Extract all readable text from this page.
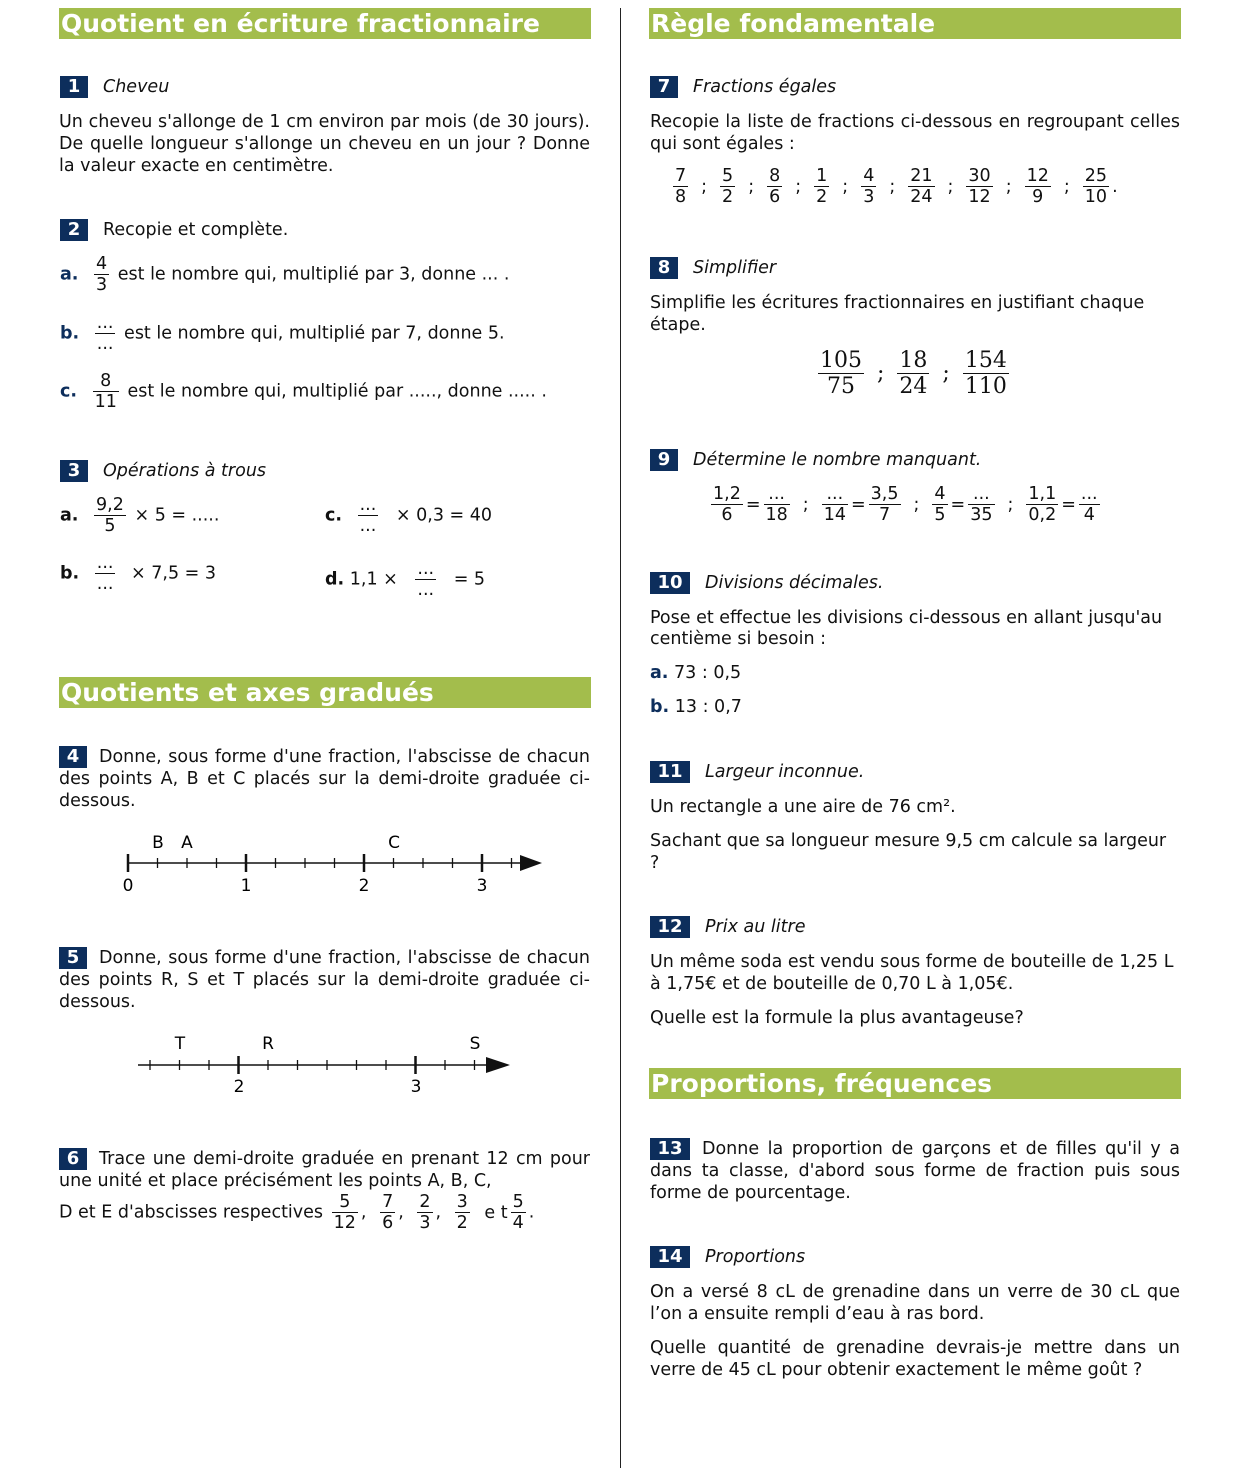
Quotient en écriture fractionnaire
1	Cheveu
Un cheveu s'allonge de 1 cm environ par mois (de 30 jours). De quelle longueur s'allonge un cheveu en un jour ? Donne la valeur exacte en centimètre.
2	Recopie et complète.
a. $\frac{4}{3}$ est le nombre qui, multiplié par 3, donne ... .
b. $\frac{...}{...}$ est le nombre qui, multiplié par 7, donne 5.
c. $\frac{8}{11}$ est le nombre qui, multiplié par ....., donne ..... .
3	Opérations à trous
a. $\frac{9,2}{5} \times 5$ = .....	c. $\frac{...}{...} \times 0,3 = 40$
b. $\frac{...}{...} \times 7,5 = 3$	d. $1,1 \times \frac{...}{...} = 5$
Quotients et axes gradués
4 Donne, sous forme d'une fraction, l'abscisse de chacun des points A, B et C placés sur la demi-droite graduée ci-dessous.
B A	C
0	1	2	3
5 Donne, sous forme d'une fraction, l'abscisse de chacun des points R, S et T placés sur la demi-droite graduée ci-dessous.
T	R	S
2	3
6 Trace une demi-droite graduée en prenant 12 cm pour une unité et place précisément les points A, B, C,
D et E d'abscisses respectives $\frac{5}{12}$ , $\frac{7}{6}$ , $\frac{2}{3}$ , $\frac{3}{2}$ e t $\frac{5}{4}$ .
Règle fondamentale
7	Fractions égales
Recopie la liste de fractions ci-dessous en regroupant celles qui sont égales :
$\frac{7}{8}$ ; $\frac{5}{2}$ ; $\frac{8}{6}$ ; $\frac{1}{2}$ ; $\frac{4}{3}$ ; $\frac{21}{24}$ ; $\frac{30}{12}$ ; $\frac{12}{9}$ ; $\frac{25}{10}$ .
8	Simplifier
Simplifie les écritures fractionnaires en justifiant chaque étape.
$\frac{105}{75}$ ; $\frac{18}{24}$ ; $\frac{154}{110}$
9	Détermine le nombre manquant.
$\frac{1,2}{6} = \frac{...}{18}$ ; $\frac{...}{14} = \frac{3,5}{7}$ ; $\frac{4}{5} = \frac{...}{35}$ ; $\frac{1,1}{0,2} = \frac{...}{4}$
10	Divisions décimales.
Pose et effectue les divisions ci-dessous en allant jusqu'au centième si besoin :
a. 73 : 0,5
b. 13 : 0,7
11	Largeur inconnue.
Un rectangle a une aire de 76 cm².
Sachant que sa longueur mesure 9,5 cm calcule sa largeur ?
12	Prix au litre
Un même soda est vendu sous forme de bouteille de 1,25 L à 1,75€ et de bouteille de 0,70 L à 1,05€.
Quelle est la formule la plus avantageuse?
Proportions, fréquences
13 Donne la proportion de garçons et de filles qu'il y a dans ta classe, d'abord sous forme de fraction puis sous forme de pourcentage.
14	Proportions
On a versé 8 cL de grenadine dans un verre de 30 cL que l’on a ensuite rempli d’eau à ras bord.
Quelle quantité de grenadine devrais-je mettre dans un verre de 45 cL pour obtenir exactement le même goût ?
